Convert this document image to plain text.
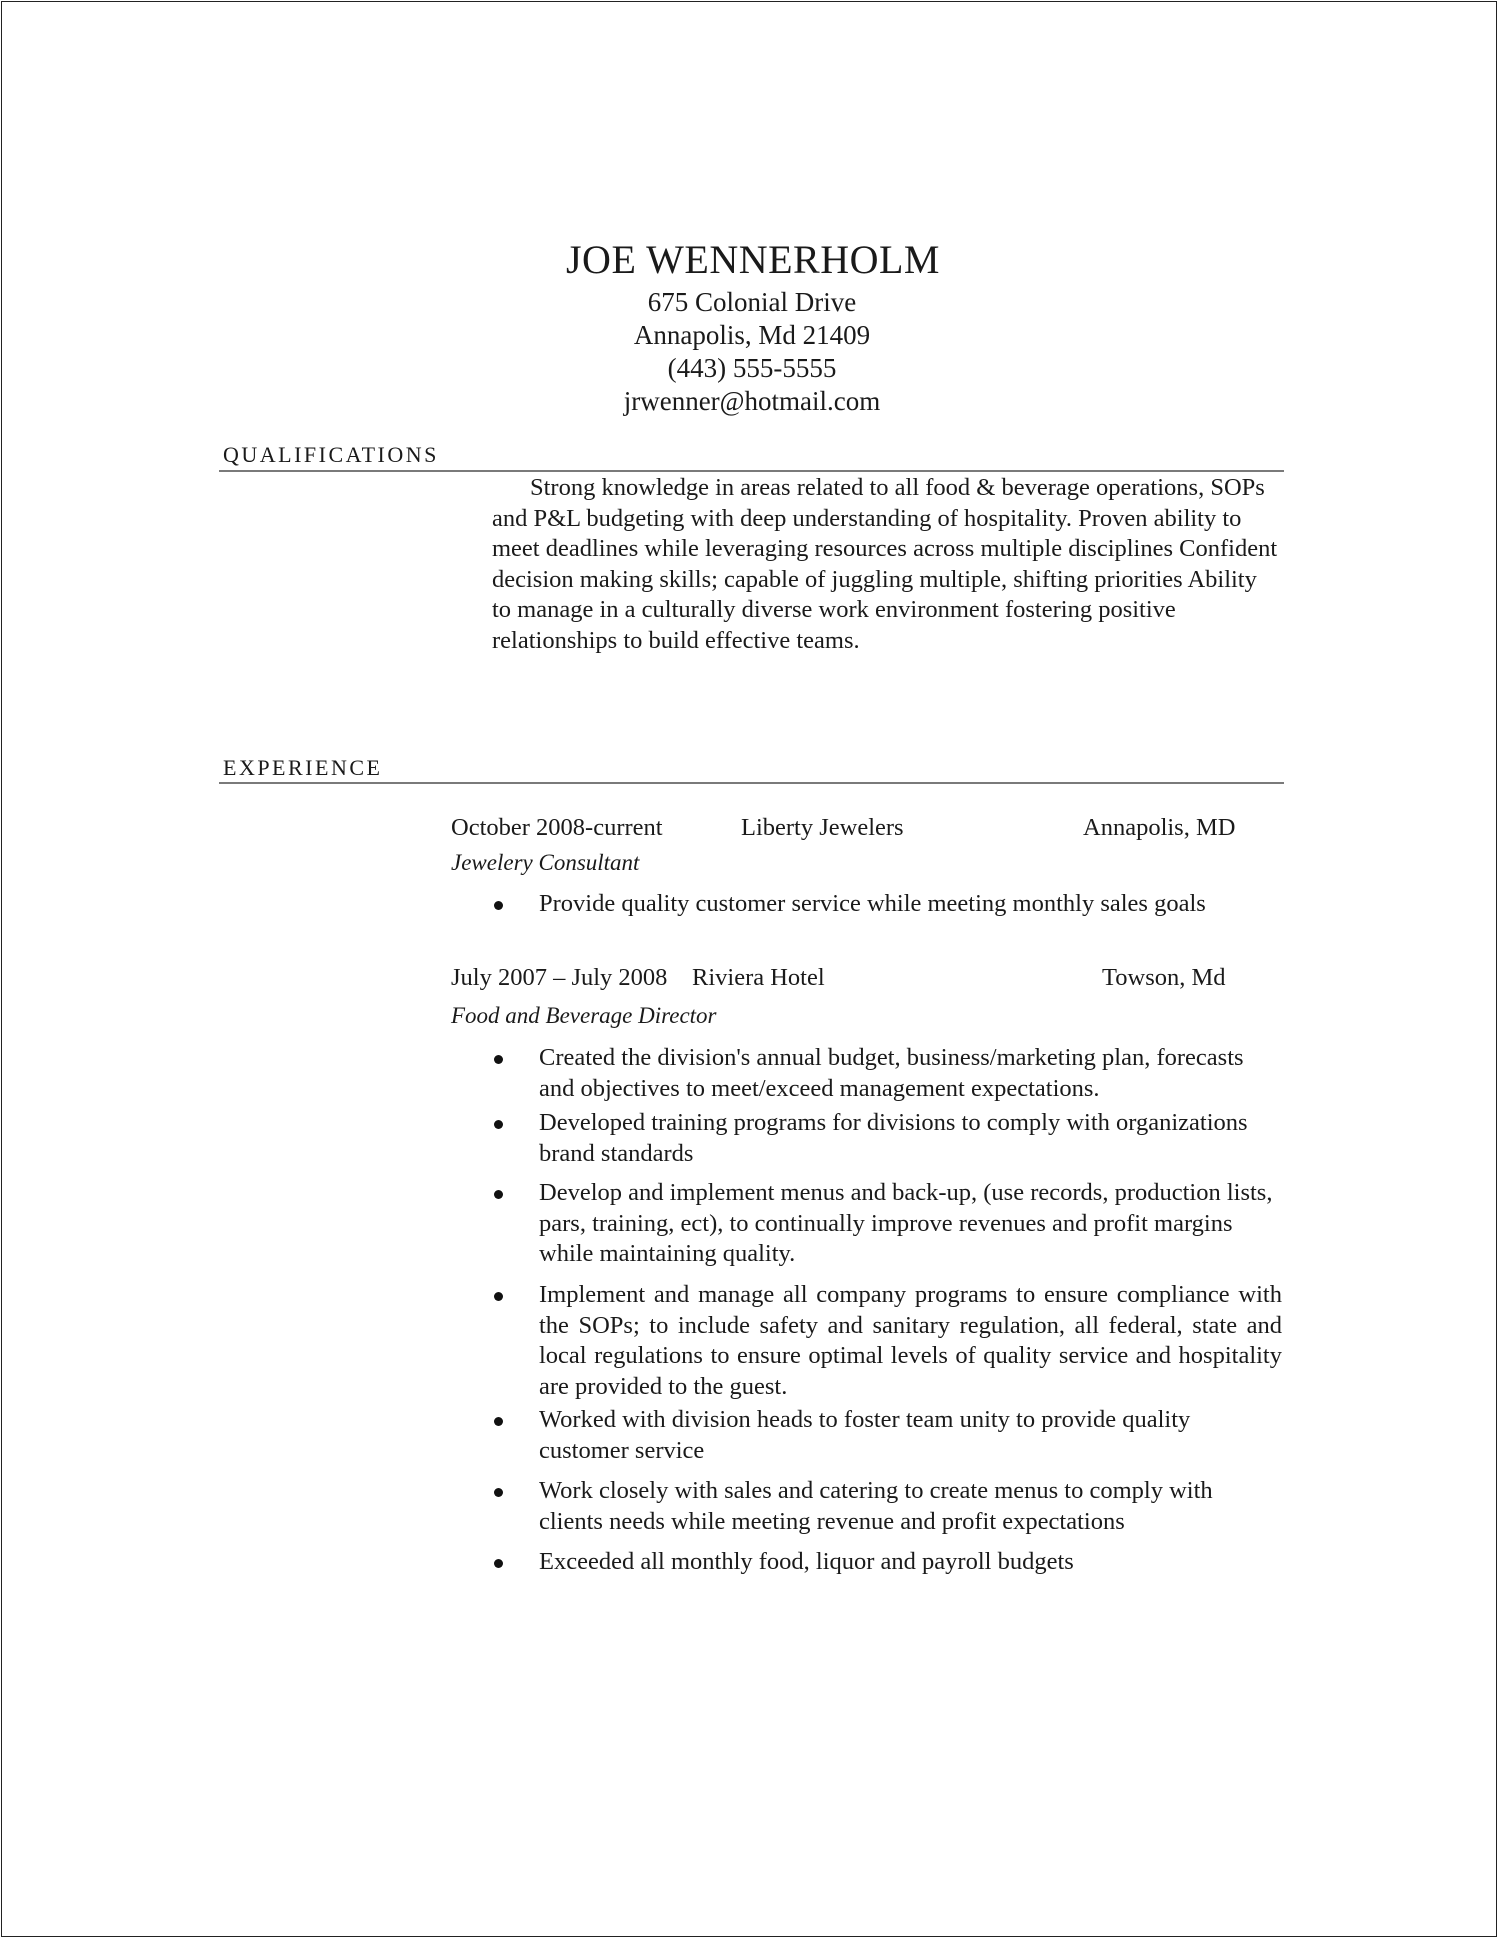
JOE WENNERHOLM
675 Colonial Drive
Annapolis, Md 21409
(443) 555-5555
jrwenner@hotmail.com
QUALIFICATIONS
Strong knowledge in areas related to all food & beverage operations, SOPs and P&L budgeting with deep understanding of hospitality. Proven ability to meet deadlines while leveraging resources across multiple disciplines Confident decision making skills; capable of juggling multiple, shifting priorities Ability to manage in a culturally diverse work environment fostering positive relationships to build effective teams.
EXPERIENCE
October 2008-current	Liberty Jewelers	Annapolis, MD
Jewelery Consultant
Provide quality customer service while meeting monthly sales goals
July 2007 – July 2008 Riviera Hotel	Towson, Md
Food and Beverage Director
Created the division's annual budget, business/marketing plan, forecasts and objectives to meet/exceed management expectations.
Developed training programs for divisions to comply with organizations brand standards
Develop and implement menus and back-up, (use records, production lists, pars, training, ect), to continually improve revenues and profit margins while maintaining quality.
Implement and manage all company programs to ensure compliance with the SOPs; to include safety and sanitary regulation, all federal, state and local regulations to ensure optimal levels of quality service and hospitality are provided to the guest.
Worked with division heads to foster team unity to provide quality customer service
Work closely with sales and catering to create menus to comply with clients needs while meeting revenue and profit expectations
Exceeded all monthly food, liquor and payroll budgets
